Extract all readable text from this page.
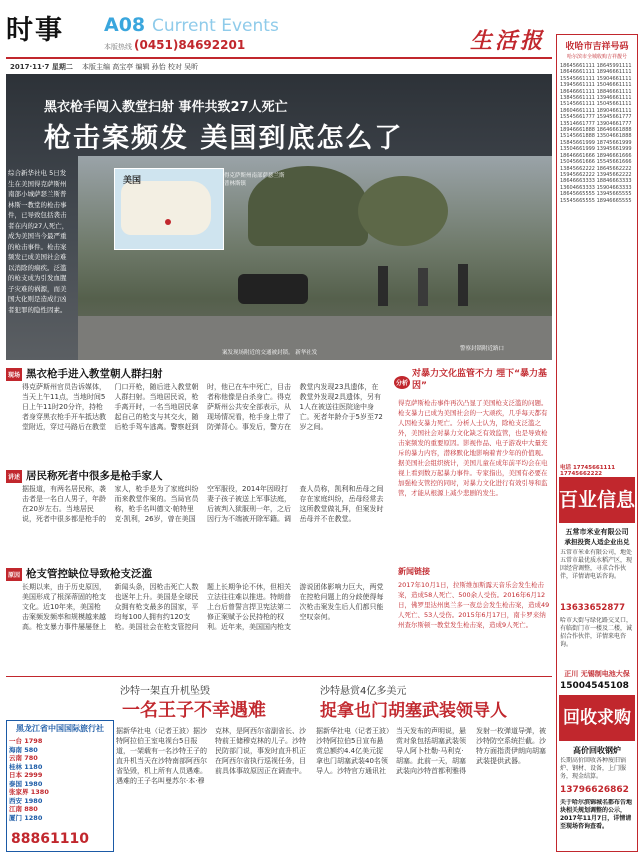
时事 A08 Current Events
本版热线 (0451)84692201	生活报
2017·11·7 星期二 本版主编 高宝亭 编辑 孙怡 校对 吴昕
黑衣枪手闯入教堂扫射 事件共致27人死亡
枪击案频发 美国到底怎么了
美国	得克萨斯州南部萨瑟兰斯普林斯镇
综合新华社电 5日发生在美国得克萨斯州南部小城萨瑟兰斯普林斯一教堂的枪击事件，已导致包括袭击者在内的27人死亡，成为美国当今最严重的枪击事件。枪击案频发已成美国社会难以消除的痼疾。泛滥的枪支成为引发血腥子灾难的祸源，而美国大化则是造成行凶者犯罪的隐性因素。
案发现场附近的交通被封锁。 新华社发
警察封锁附近路口
现场 黑衣枪手进入教堂朝人群扫射
得克萨斯州官员告诉媒体，当天上午11点，当地时间5日上午11时20分许，持枪者身穿黑衣枪手开车抵达教堂附近，穿过马路后在教堂门口开枪，随后进入教堂朝人群扫射。当地居民说，枪手离开时，一名当地居民拿起自己的枪支与其交火，随后枪手驾车逃离。警察赶到时，他已在车中死亡，目击者称他像是自杀身亡。得克萨斯州公共安全部表示，从现场情况看，枪手身上带了防弹背心。事发后，警方在教堂内发现23具遗体，在教堂外发现2具遗体，另有1人在被送往医院途中身亡。死者年龄介于5岁至72岁之间。
讲述 居民称死者中很多是枪手家人
据报道，有两名居民称，袭击者是一名白人男子，年龄在20岁左右。当地居民说，死者中很多都是枪手的家人，枪手是为了家庭纠纷而来教堂作案的。当局官员称，枪手名叫德文·帕特里克·凯利，26岁，曾在美国空军服役，2014年因殴打妻子孩子被送上军事法庭，后被判入狱服刑一年，之后因行为不端被开除军籍。调查人员称，凯利和岳母之间存在家庭纠纷，岳母经常去这所教堂做礼拜，但案发时岳母并不在教堂。
原因 枪支管控缺位导致枪支泛滥
长期以来，由于历史原因，美国形成了根深蒂固的枪支文化。近10年来，美国枪击案频发频率和规模越来越高。枪支暴力事件屡屡登上新闻头条，因枪击死亡人数也逐年上升。美国是全球民众拥有枪支最多的国家，平均每100人拥有约120支枪。美国社会在枪支管控问题上长期争论不休，但相关立法往往难以推进。特朗普上台后曾誓言捍卫宪法第二修正案赋予公民持枪的权利。近年来，美国国内枪支游说团体影响力巨大，两党在控枪问题上的分歧使得每次枪击案发生后人们都只能空叹奈何。
分析
对暴力文化监管不力 埋下“暴力基因”
得克萨斯枪击事件再次凸显了美国枪支泛滥的问题。枪支暴力已成为美国社会的一大顽疾，几乎每天都有人因枪支暴力死亡。分析人士认为，除枪支泛滥之外，美国社会对暴力文化缺乏有效监管，也是导致枪击案频发的重要原因。影视作品、电子游戏中大量充斥的暴力内容，潜移默化地影响着青少年的价值观。据美国社会组织统计，美国儿童在成年前平均会在电视上看到数万起暴力事件。专家指出，美国有必要在加强枪支管控的同时，对暴力文化进行有效引导和监管，才能从根源上减少悲剧的发生。
新闻链接
2017年10月1日，拉斯维加斯露天音乐会发生枪击案，造成58人死亡、500余人受伤。2016年6月12日，佛罗里达州奥兰多一夜总会发生枪击案，造成49人死亡、53人受伤。2015年6月17日，南卡罗来纳州查尔斯顿一教堂发生枪击案，造成9人死亡。
沙特一架直升机坠毁
一名王子不幸遇难
据新华社电（记者王波）据沙特阿拉伯王室电视台5日报道，一架载有一名沙特王子的直升机当天在沙特南部阿西尔省坠毁，机上所有人员遇难。遇难的王子名叫曼苏尔·本·穆克林，是阿西尔省副省长、沙特前王储穆克林的儿子。沙特民防部门说，事发时直升机正在阿西尔省执行巡视任务，目前具体事故原因正在调查中。
沙特悬赏4亿多美元
捉拿也门胡塞武装领导人
据新华社电（记者王波）沙特阿拉伯5日宣布悬赏总额约4.4亿美元捉拿也门胡塞武装40名领导人。沙特官方通讯社当天发布的声明说，悬赏对象包括胡塞武装领导人阿卜杜勒·马利克·胡塞。此前一天，胡塞武装向沙特首都利雅得发射一枚弹道导弹，被沙特防空系统拦截。沙特方面指责伊朗向胡塞武装提供武器。
黑龙江省中国国际旅行社
一台 1798
海南 580
云南 780
桂林 1180
日本 2999
泰国 1980
张家界 1380
西安 1980
江南 880
厦门 1280
88861110
收哈市吉祥号码
哈尔滨市全城收购吉祥靓号
18645661111 18645991111 18646661111 18946661111 15545661111 15904661111 13945661111 15046661111 18646661111 18846661111 13845661111 13946661111 15145661111 15045661111 18604661111 18904661111 15545661777 15945661777 13514661777 13904661777 18946661888 18646661888 15145661888 13504661888 15845661999 18745661999 13504661999 13945661999 18646661666 18946661666 15045661666 15545661666 13845662222 18645662222 15945662222 13945662222 18646663333 18846663333 13604663333 15904663333 18645665555 13945665555 15545665555 18946665555
电话 17745661111 17745662222
百业信息
五常市米业有限公司
承担投资人适企业出兑
五常市米业有限公司，地处五常市最优质水稻产区，现因经营调整，寻求合作伙伴，详情请电话咨询。
13633652877
哈市大街与绿化路交叉口，有临街门市一楼及二楼，诚招合作伙伴，详情来电咨询。
正川 无锡制电池大保
15004545108
回收求购
高价回收钢炉
长期高价回收各种废旧锅炉、钢材、设备，上门服务，现金结算。
13796626862
关于哈尔滨锦城名都布告地块相关规划调整的公示，2017年11月7日，详情请至现场咨询查看。
